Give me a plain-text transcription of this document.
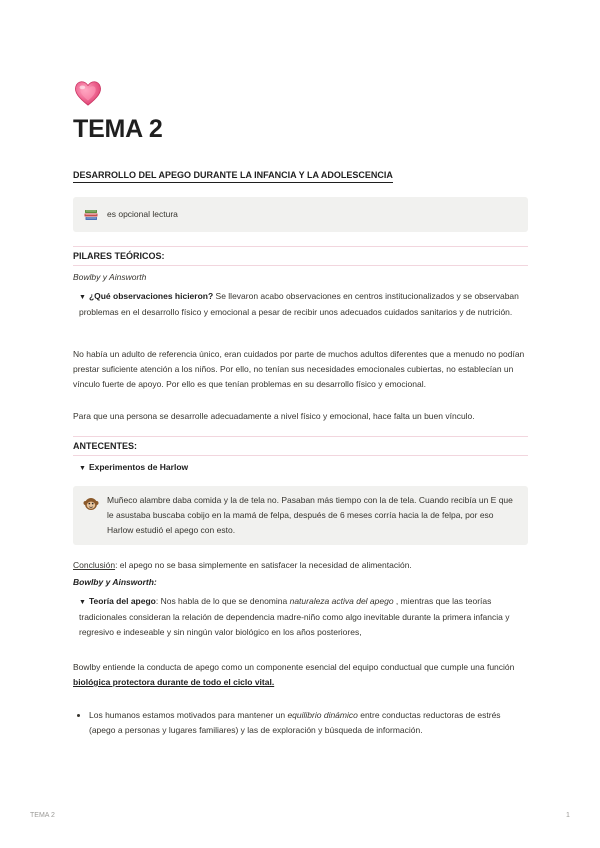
TEMA 2
DESARROLLO DEL APEGO DURANTE LA INFANCIA Y LA ADOLESCENCIA
es opcional lectura
PILARES TEÓRICOS:

Bowlby y Ainsworth

▼ ¿Qué observaciones hicieron? Se llevaron acabo observaciones en centros institucionalizados y se observaban problemas en el desarrollo físico y emocional a pesar de recibir unos adecuados cuidados sanitarios y de nutrición.

No había un adulto de referencia único, eran cuidados por parte de muchos adultos diferentes que a menudo no podían prestar suficiente atención a los niños. Por ello, no tenían sus necesidades emocionales cubiertas, no establecían un vínculo fuerte de apoyo. Por ello es que tenían problemas en su desarrollo físico y emocional.

Para que una persona se desarrolle adecuadamente a nivel físico y emocional, hace falta un buen vínculo.

ANTECENTES:
▼ Experimentos de Harlow
Muñeco alambre daba comida y la de tela no. Pasaban más tiempo con la de tela. Cuando recibía un E que le asustaba buscaba cobijo en la mamá de felpa, después de 6 meses corría hacia la de felpa, por eso Harlow estudió el apego con esto.

Conclusión: el apego no se basa simplemente en satisfacer la necesidad de alimentación.

Bowlby y Ainsworth:

▼ Teoría del apego: Nos habla de lo que se denomina naturaleza activa del apego , mientras que las teorías tradicionales consideran la relación de dependencia madre-niño como algo inevitable durante la primera infancia y regresivo e indeseable y sin ningún valor biológico en los años posteriores,

Bowlby entiende la conducta de apego como un componente esencial del equipo conductual que cumple una función biológica protectora durante de todo el ciclo vital.

• Los humanos estamos motivados para mantener un equilibrio dinámico entre conductas reductoras de estrés (apego a personas y lugares familiares) y las de exploración y búsqueda de información.
TEMA 2	1
